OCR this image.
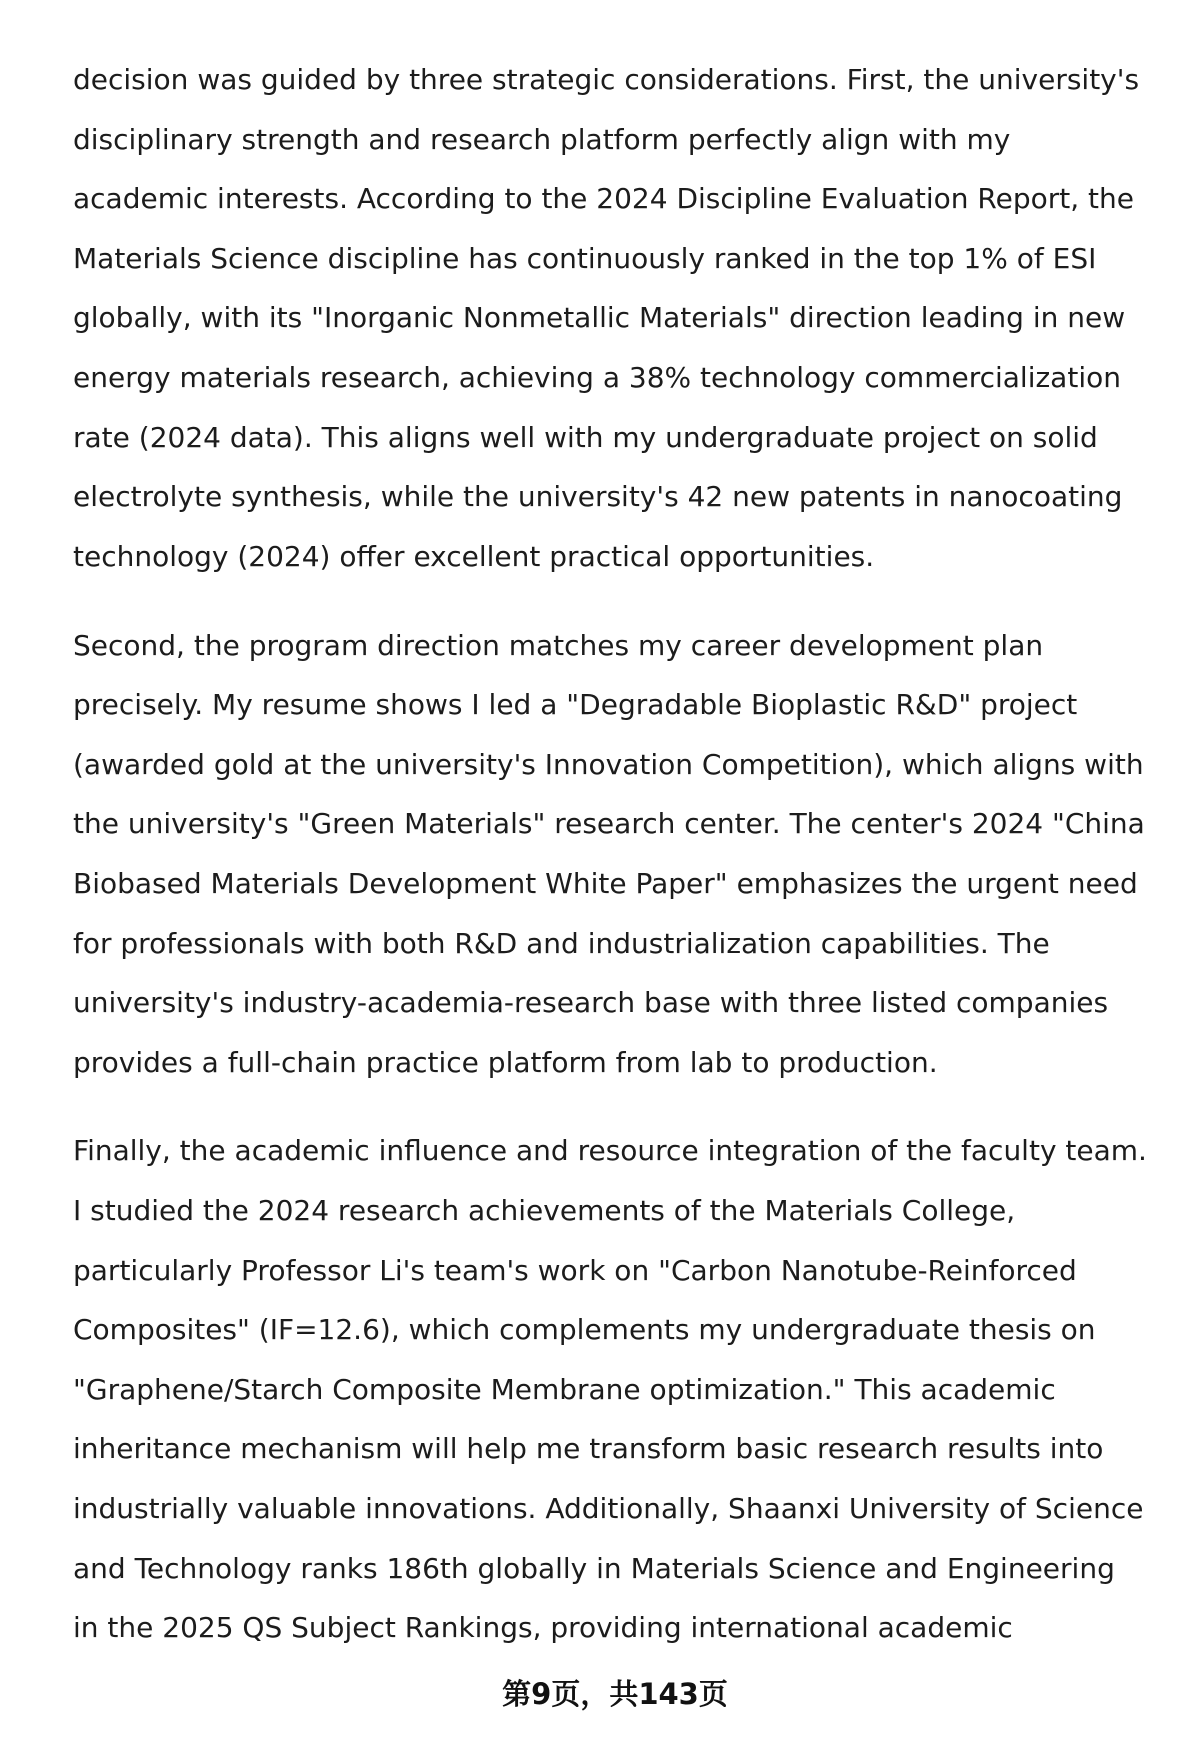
decision was guided by three strategic considerations. First, the university's
disciplinary strength and research platform perfectly align with my
academic interests. According to the 2024 Discipline Evaluation Report, the
Materials Science discipline has continuously ranked in the top 1% of ESI
globally, with its "Inorganic Nonmetallic Materials" direction leading in new
energy materials research, achieving a 38% technology commercialization
rate (2024 data). This aligns well with my undergraduate project on solid
electrolyte synthesis, while the university's 42 new patents in nanocoating
technology (2024) offer excellent practical opportunities.
Second, the program direction matches my career development plan
precisely. My resume shows I led a "Degradable Bioplastic R&D" project
(awarded gold at the university's Innovation Competition), which aligns with
the university's "Green Materials" research center. The center's 2024 "China
Biobased Materials Development White Paper" emphasizes the urgent need
for professionals with both R&D and industrialization capabilities. The
university's industry-academia-research base with three listed companies
provides a full-chain practice platform from lab to production.
Finally, the academic influence and resource integration of the faculty team.
I studied the 2024 research achievements of the Materials College,
particularly Professor Li's team's work on "Carbon Nanotube-Reinforced
Composites" (IF=12.6), which complements my undergraduate thesis on
"Graphene/Starch Composite Membrane optimization." This academic
inheritance mechanism will help me transform basic research results into
industrially valuable innovations. Additionally, Shaanxi University of Science
and Technology ranks 186th globally in Materials Science and Engineering
in the 2025 QS Subject Rankings, providing international academic
第9页，共143页
